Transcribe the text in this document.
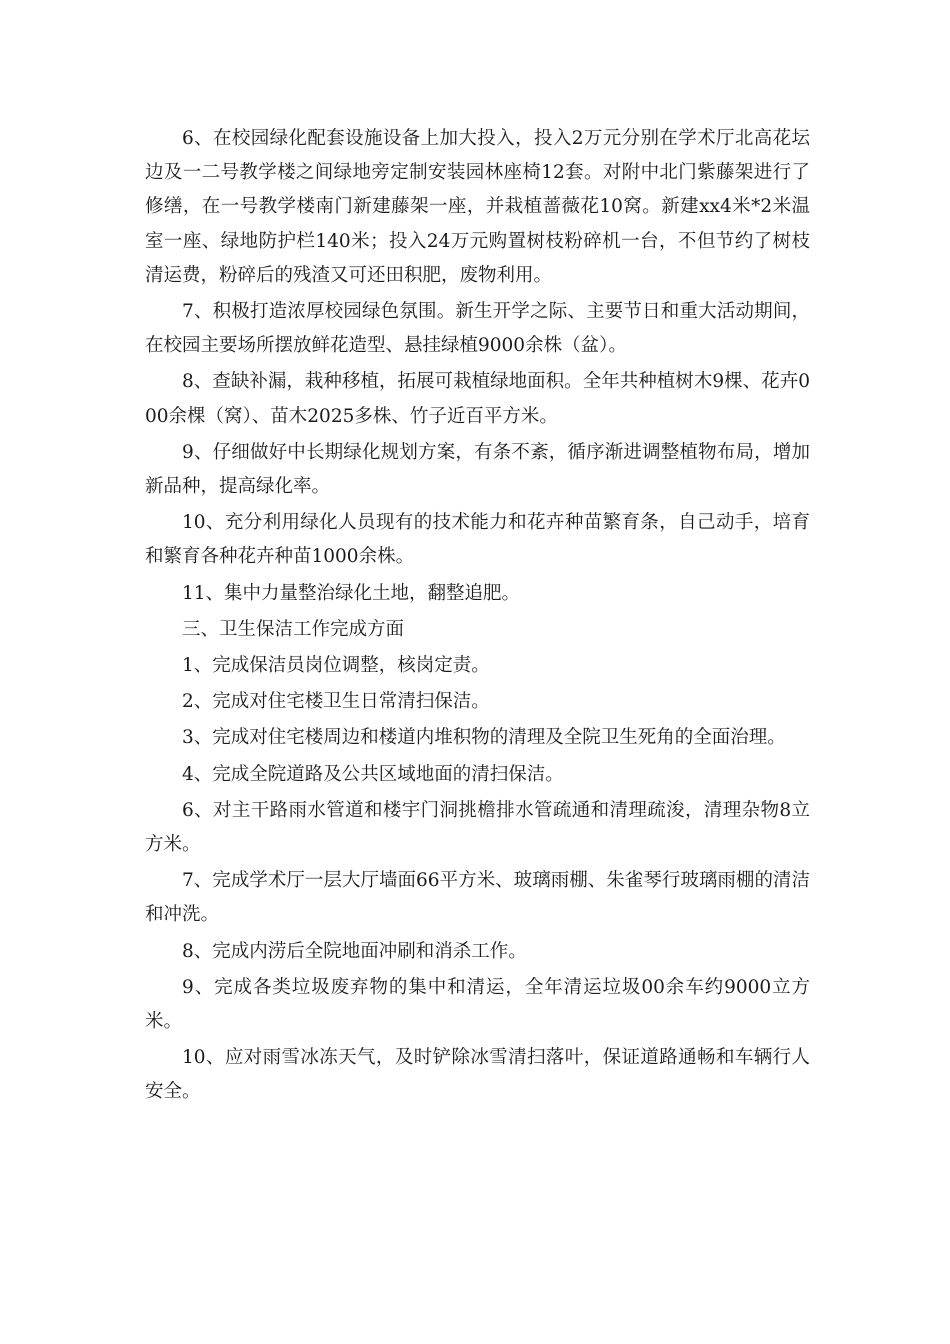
6、在校园绿化配套设施设备上加大投入，投入2万元分别在学术厅北高花坛边及一二号教学楼之间绿地旁定制安装园林座椅12套。对附中北门紫藤架进行了修缮，在一号教学楼南门新建藤架一座，并栽植蔷薇花10窝。新建xx4米*2米温室一座、绿地防护栏140米；投入24万元购置树枝粉碎机一台，不但节约了树枝清运费，粉碎后的残渣又可还田积肥，废物利用。

7、积极打造浓厚校园绿色氛围。新生开学之际、主要节日和重大活动期间，在校园主要场所摆放鲜花造型、悬挂绿植9000余株（盆）。

8、查缺补漏，栽种移植，拓展可栽植绿地面积。全年共种植树木9棵、花卉000余棵（窝）、苗木2025多株、竹子近百平方米。

9、仔细做好中长期绿化规划方案，有条不紊，循序渐进调整植物布局，增加新品种，提高绿化率。

10、充分利用绿化人员现有的技术能力和花卉种苗繁育条，自己动手，培育和繁育各种花卉种苗1000余株。

11、集中力量整治绿化土地，翻整追肥。

三、卫生保洁工作完成方面

1、完成保洁员岗位调整，核岗定责。

2、完成对住宅楼卫生日常清扫保洁。

3、完成对住宅楼周边和楼道内堆积物的清理及全院卫生死角的全面治理。

4、完成全院道路及公共区域地面的清扫保洁。

6、对主干路雨水管道和楼宇门洞挑檐排水管疏通和清理疏浚，清理杂物8立方米。

7、完成学术厅一层大厅墙面66平方米、玻璃雨棚、朱雀琴行玻璃雨棚的清洁和冲洗。

8、完成内涝后全院地面冲刷和消杀工作。

9、完成各类垃圾废弃物的集中和清运，全年清运垃圾00余车约9000立方米。

10、应对雨雪冰冻天气，及时铲除冰雪清扫落叶，保证道路通畅和车辆行人安全。
